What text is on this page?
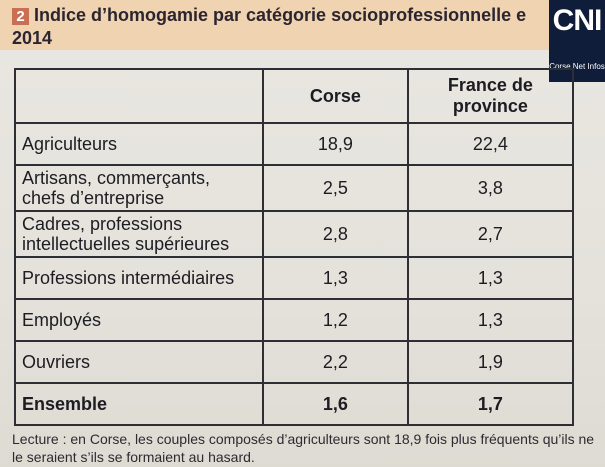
2 Indice d’homogamie par catégorie socioprofessionnelle e
2014
CNI
Corse Net Infos
	Corse	France de province
Agriculteurs	18,9	22,4
Artisans, commerçants, chefs d’entreprise	2,5	3,8
Cadres, professions intellectuelles supérieures	2,8	2,7
Professions intermédiaires	1,3	1,3
Employés	1,2	1,3
Ouvriers	2,2	1,9
Ensemble	1,6	1,7
Lecture : en Corse, les couples composés d’agriculteurs sont 18,9 fois plus fréquents qu’ils ne le seraient s’ils se formaient au hasard.
